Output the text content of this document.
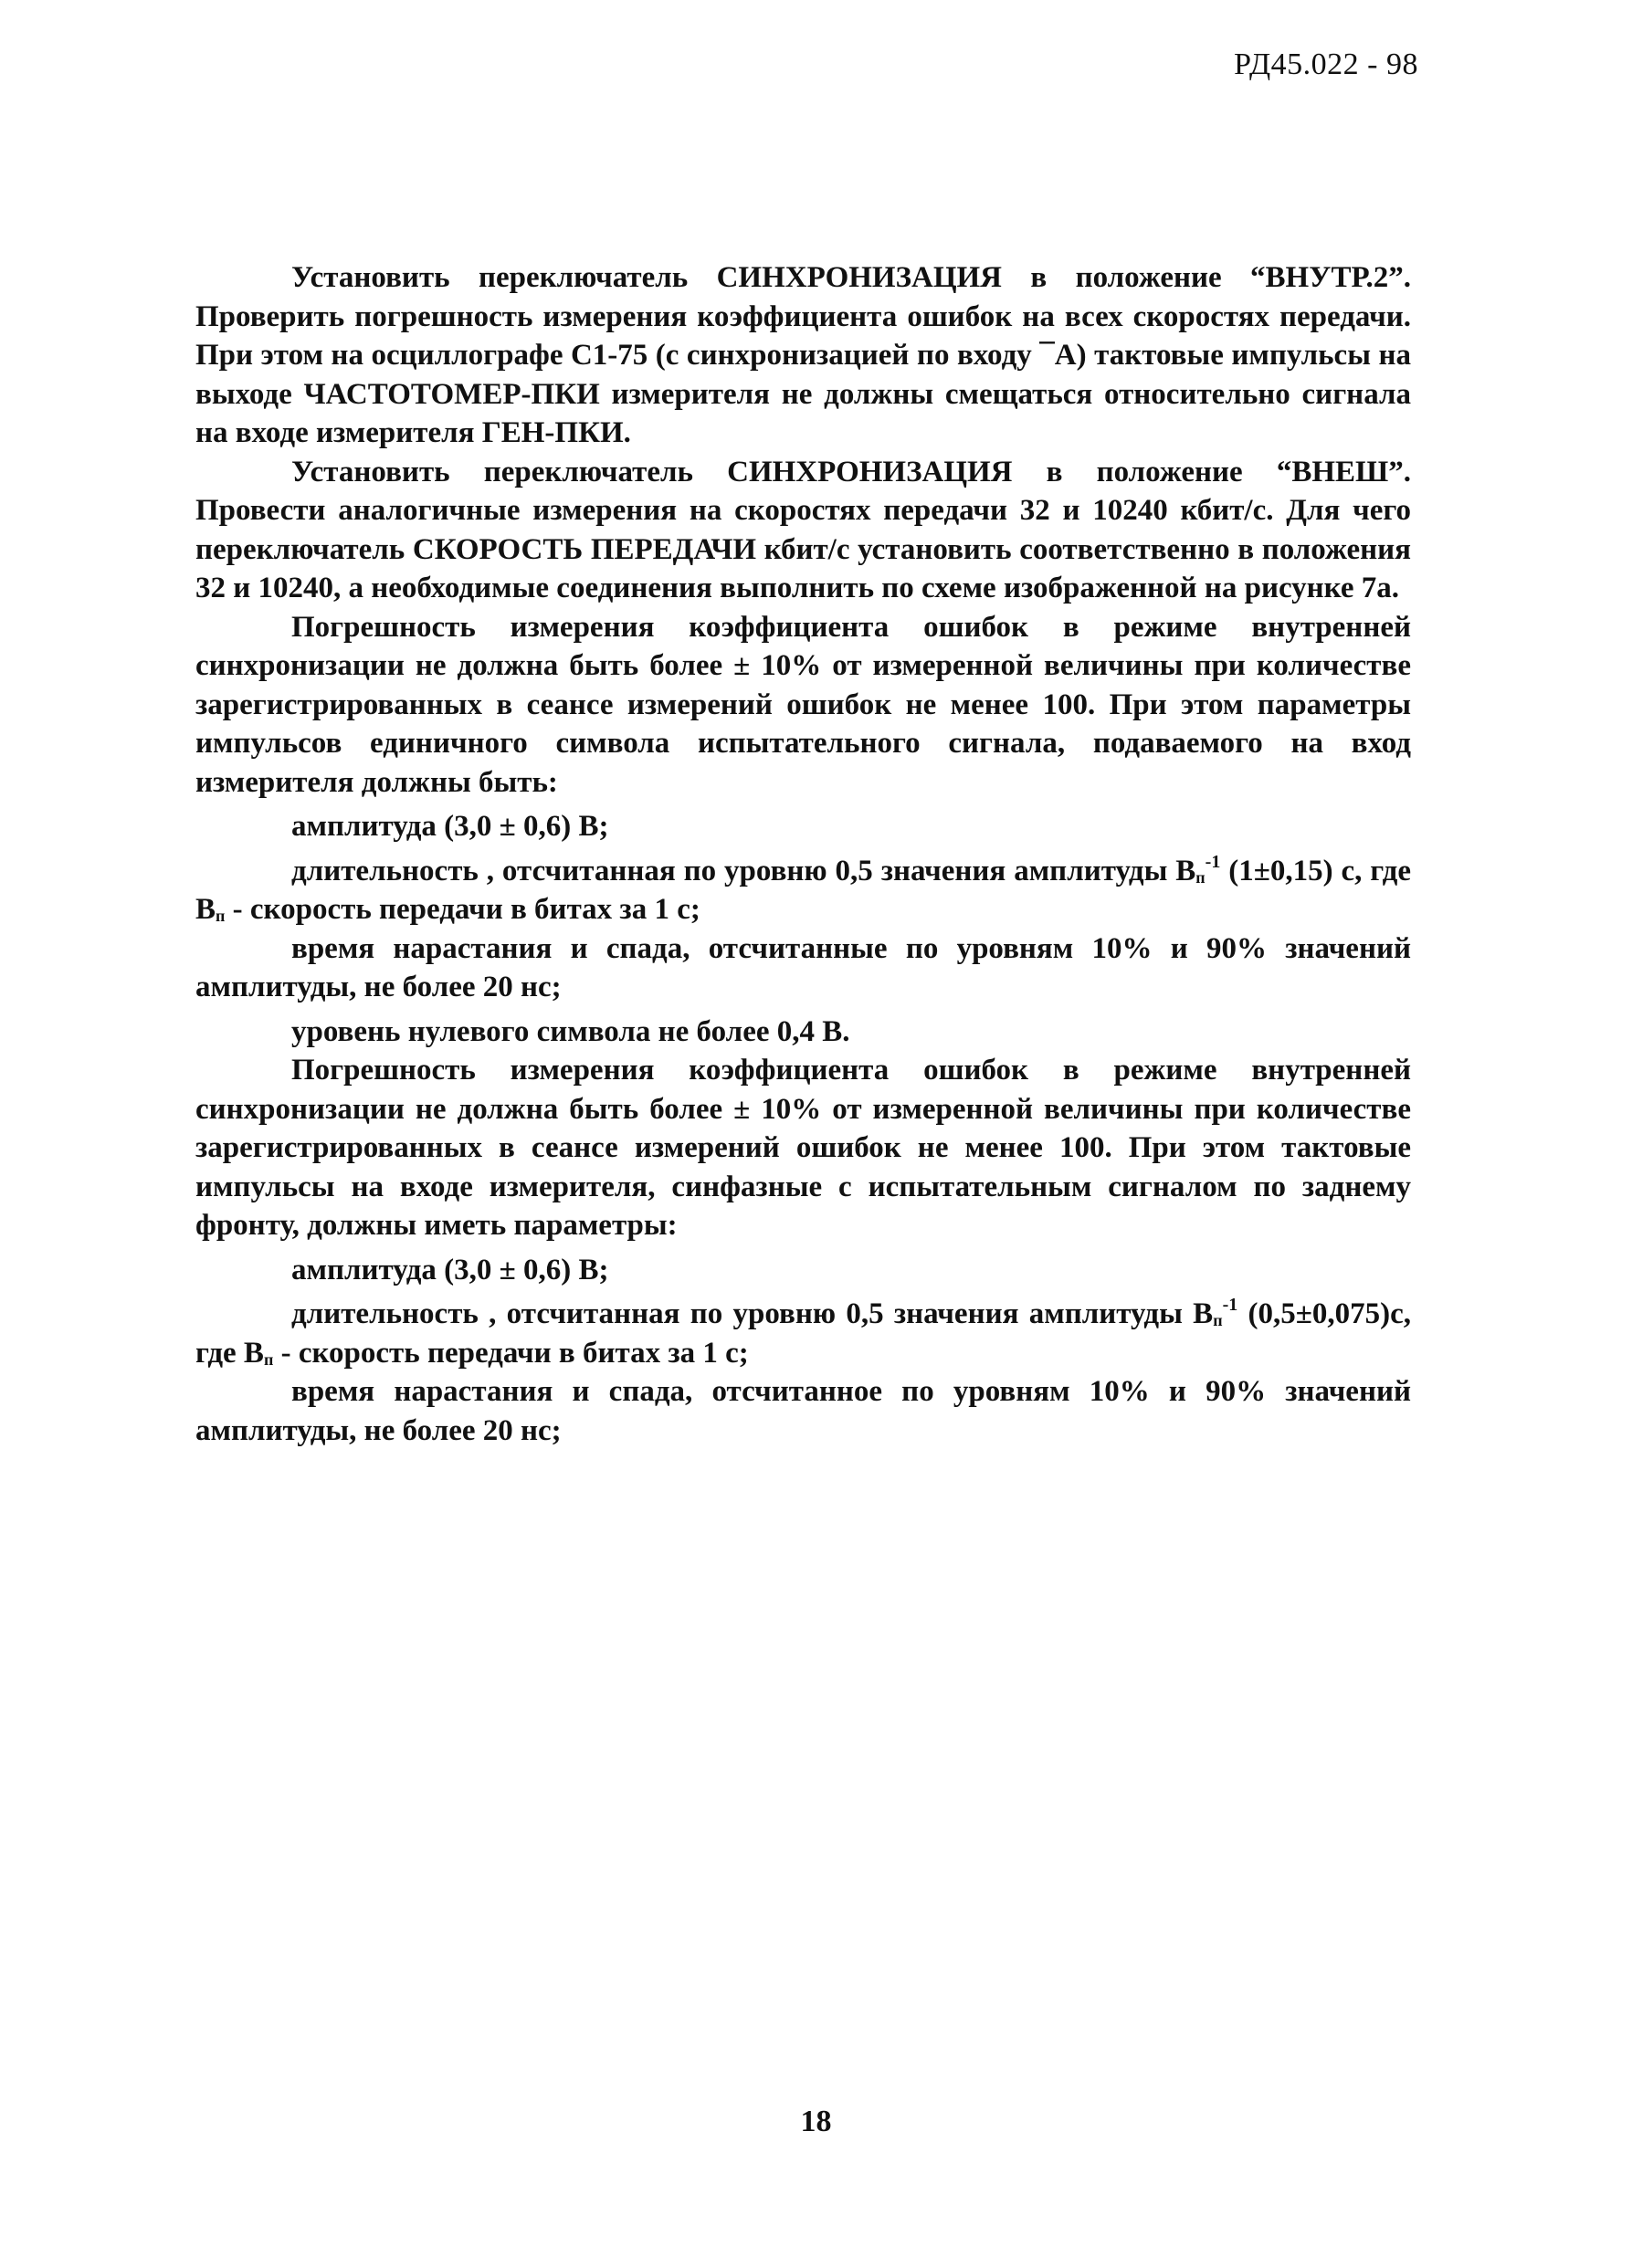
РД45.022 - 98

Установить переключатель СИНХРОНИЗАЦИЯ в положение “ВНУТР.2”. Проверить погрешность измерения коэффициента ошибок на всех скоростях передачи. При этом на осциллографе С1-75 (с синхронизацией по входу ¯А) тактовые импульсы на выходе ЧАСТОТОМЕР-ПКИ измерителя не должны смещаться относительно сигнала на входе измерителя ГЕН-ПКИ.

Установить переключатель СИНХРОНИЗАЦИЯ в положение “ВНЕШ”. Провести аналогичные измерения на скоростях передачи 32 и 10240 кбит/с. Для чего переключатель СКОРОСТЬ ПЕРЕДАЧИ кбит/с установить соответственно в положения 32 и 10240, а необходимые соединения выполнить по схеме изображенной на рисунке 7а.

Погрешность измерения коэффициента ошибок в режиме внутренней синхронизации не должна быть более ± 10% от измеренной величины при количестве зарегистрированных в сеансе измерений ошибок не менее 100. При этом параметры импульсов единичного символа испытательного сигнала, подаваемого на вход измерителя должны быть:

амплитуда (3,0 ± 0,6) В;

длительность , отсчитанная по уровню 0,5 значения амплитуды $В_п^{-1}$ (1±0,15) с, где $В_п$ - скорость передачи в битах за 1 с;

время нарастания и спада, отсчитанные по уровням 10% и 90% значений амплитуды, не более 20 нс;

уровень нулевого символа не более 0,4 В.

Погрешность измерения коэффициента ошибок в режиме внутренней синхронизации не должна быть более ± 10% от измеренной величины при количестве зарегистрированных в сеансе измерений ошибок не менее 100. При этом тактовые импульсы на входе измерителя, синфазные с испытательным сигналом по заднему фронту, должны иметь параметры:

амплитуда (3,0 ± 0,6) В;

длительность , отсчитанная по уровню 0,5 значения амплитуды $В_п^{-1}$ (0,5±0,075)с, где $В_п$ - скорость передачи в битах за 1 с;

время нарастания и спада, отсчитанное по уровням 10% и 90% значений амплитуды, не более 20 нс;

18
